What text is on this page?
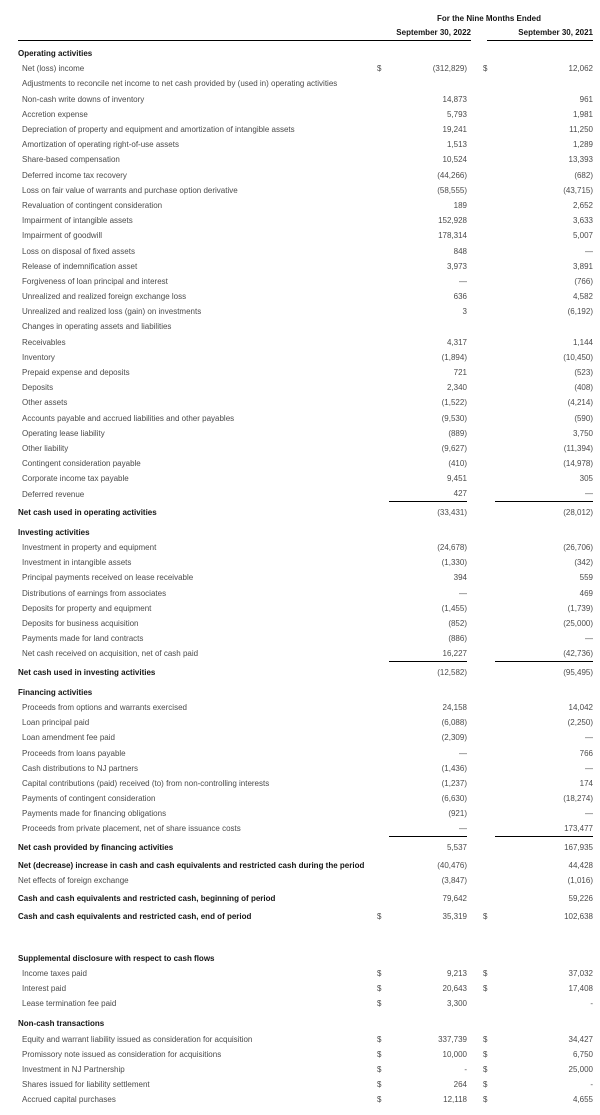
For the Nine Months Ended
September 30, 2022	September 30, 2021
Operating activities
Net (loss) income	$	(312,829) $	12,062
Adjustments to reconcile net income to net cash provided by (used in) operating activities
Non-cash write downs of inventory	14,873	961
Accretion expense	5,793	1,981
Depreciation of property and equipment and amortization of intangible assets	19,241	11,250
Amortization of operating right-of-use assets	1,513	1,289
Share-based compensation	10,524	13,393
Deferred income tax recovery	(44,266)	(682)
Loss on fair value of warrants and purchase option derivative	(58,555)	(43,715)
Revaluation of contingent consideration	189	2,652
Impairment of intangible assets	152,928	3,633
Impairment of goodwill	178,314	5,007
Loss on disposal of fixed assets	848	—
Release of indemnification asset	3,973	3,891
Forgiveness of loan principal and interest	—	(766)
Unrealized and realized foreign exchange loss	636	4,582
Unrealized and realized loss (gain) on investments	3	(6,192)
Changes in operating assets and liabilities
Receivables	4,317	1,144
Inventory	(1,894)	(10,450)
Prepaid expense and deposits	721	(523)
Deposits	2,340	(408)
Other assets	(1,522)	(4,214)
Accounts payable and accrued liabilities and other payables	(9,530)	(590)
Operating lease liability	(889)	3,750
Other liability	(9,627)	(11,394)
Contingent consideration payable	(410)	(14,978)
Corporate income tax payable	9,451	305
Deferred revenue	427	—
Net cash used in operating activities	(33,431)	(28,012)
Investing activities
Investment in property and equipment	(24,678)	(26,706)
Investment in intangible assets	(1,330)	(342)
Principal payments received on lease receivable	394	559
Distributions of earnings from associates	—	469
Deposits for property and equipment	(1,455)	(1,739)
Deposits for business acquisition	(852)	(25,000)
Payments made for land contracts	(886)	—
Net cash received on acquisition, net of cash paid	16,227	(42,736)
Net cash used in investing activities	(12,582)	(95,495)
Financing activities
Proceeds from options and warrants exercised	24,158	14,042
Loan principal paid	(6,088)	(2,250)
Loan amendment fee paid	(2,309)	—
Proceeds from loans payable	—	766
Cash distributions to NJ partners	(1,436)	—
Capital contributions (paid) received (to) from non-controlling interests	(1,237)	174
Payments of contingent consideration	(6,630)	(18,274)
Payments made for financing obligations	(921)	—
Proceeds from private placement, net of share issuance costs	—	173,477
Net cash provided by financing activities	5,537	167,935
Net (decrease) increase in cash and cash equivalents and restricted cash during the period	(40,476)	44,428
Net effects of foreign exchange	(3,847)	(1,016)
Cash and cash equivalents and restricted cash, beginning of period	79,642	59,226
Cash and cash equivalents and restricted cash, end of period	$	35,319 $	102,638
Supplemental disclosure with respect to cash flows
Income taxes paid	$	9,213 $	37,032
Interest paid	$	20,643 $	17,408
Lease termination fee paid	$	3,300	-
Non-cash transactions
Equity and warrant liability issued as consideration for acquisition	$	337,739 $	34,427
Promissory note issued as consideration for acquisitions	$	10,000 $	6,750
Investment in NJ Partnership	$	- $	25,000
Shares issued for liability settlement	$	264 $	-
Accrued capital purchases	$	12,118 $	4,655
